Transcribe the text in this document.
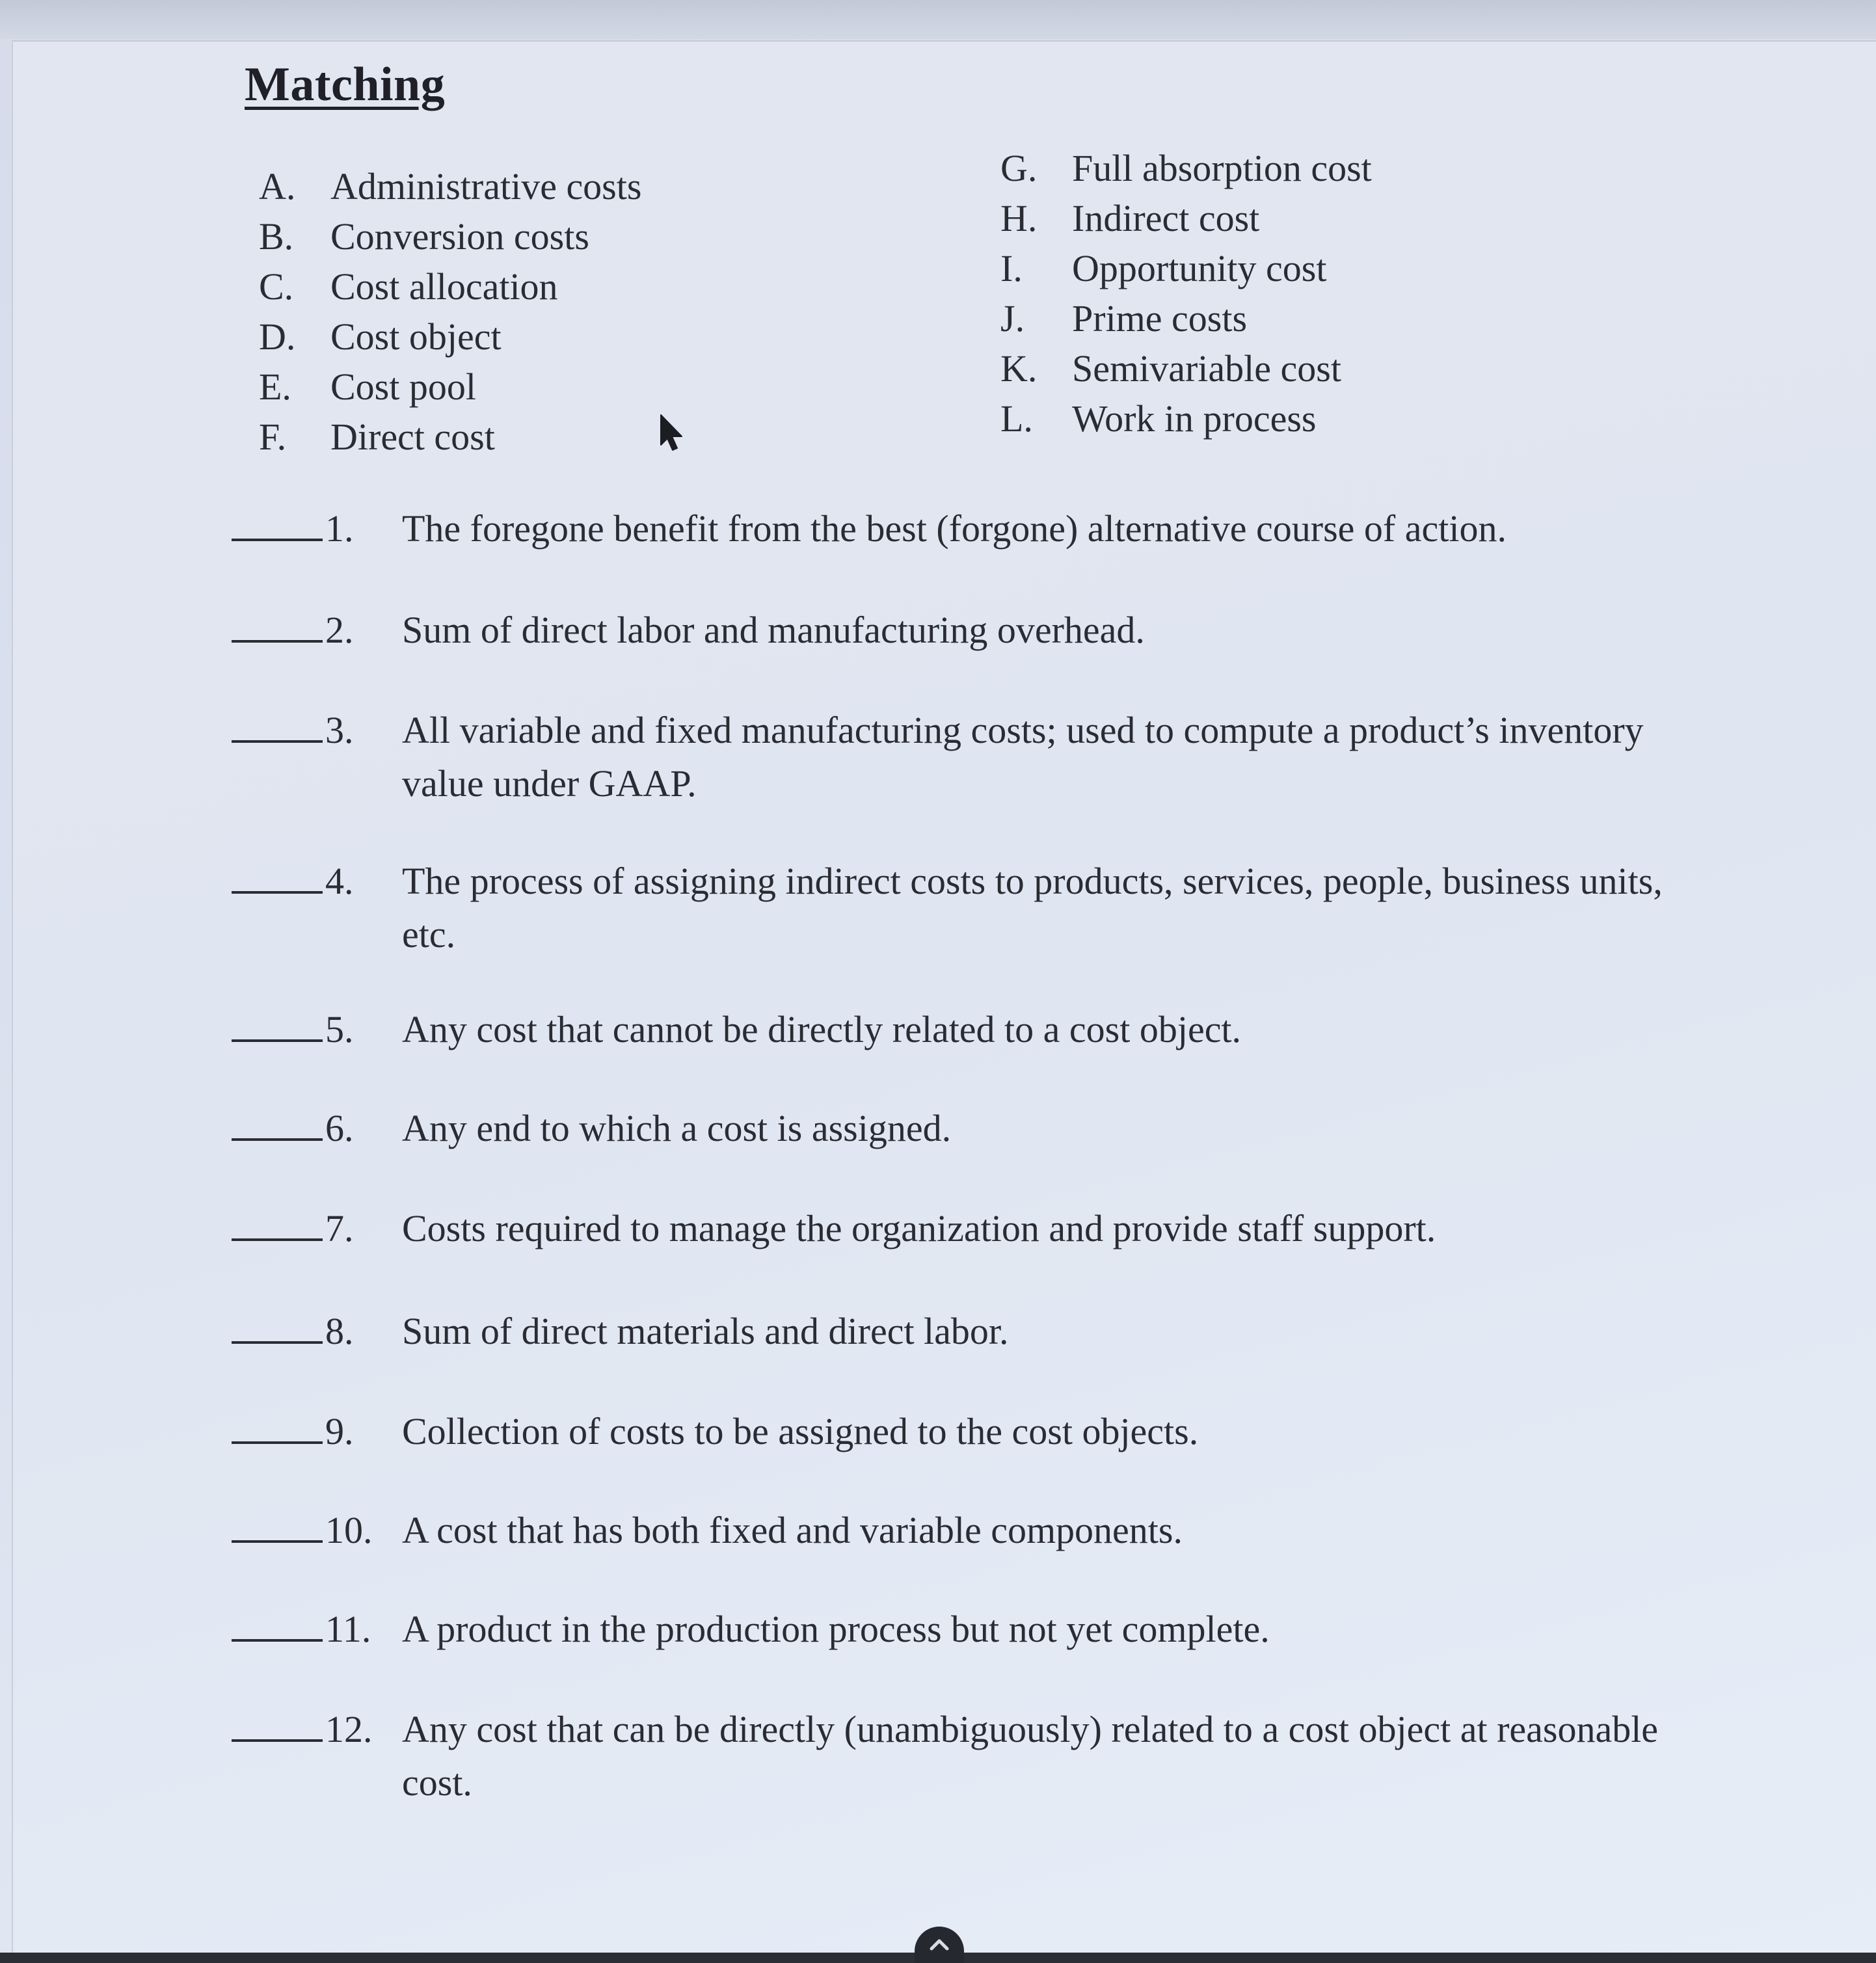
Matching
A. Administrative costs
B. Conversion costs
C. Cost allocation
D. Cost object
E.	Cost pool
F.	Direct cost
G. Full absorption cost
H. Indirect cost
I.	Opportunity cost
J.	Prime costs
K. Semivariable cost
L.	Work in process
1.	The foregone benefit from the best (forgone) alternative course of action.
2.	Sum of direct labor and manufacturing overhead.
3.	All variable and fixed manufacturing costs; used to compute a product’s inventory value under GAAP.
4.	The process of assigning indirect costs to products, services, people, business units, etc.
5.	Any cost that cannot be directly related to a cost object.
6.	Any end to which a cost is assigned.
7.	Costs required to manage the organization and provide staff support.
8.	Sum of direct materials and direct labor.
9.	Collection of costs to be assigned to the cost objects.
10. A cost that has both fixed and variable components.
11. A product in the production process but not yet complete.
12. Any cost that can be directly (unambiguously) related to a cost object at reasonable cost.
